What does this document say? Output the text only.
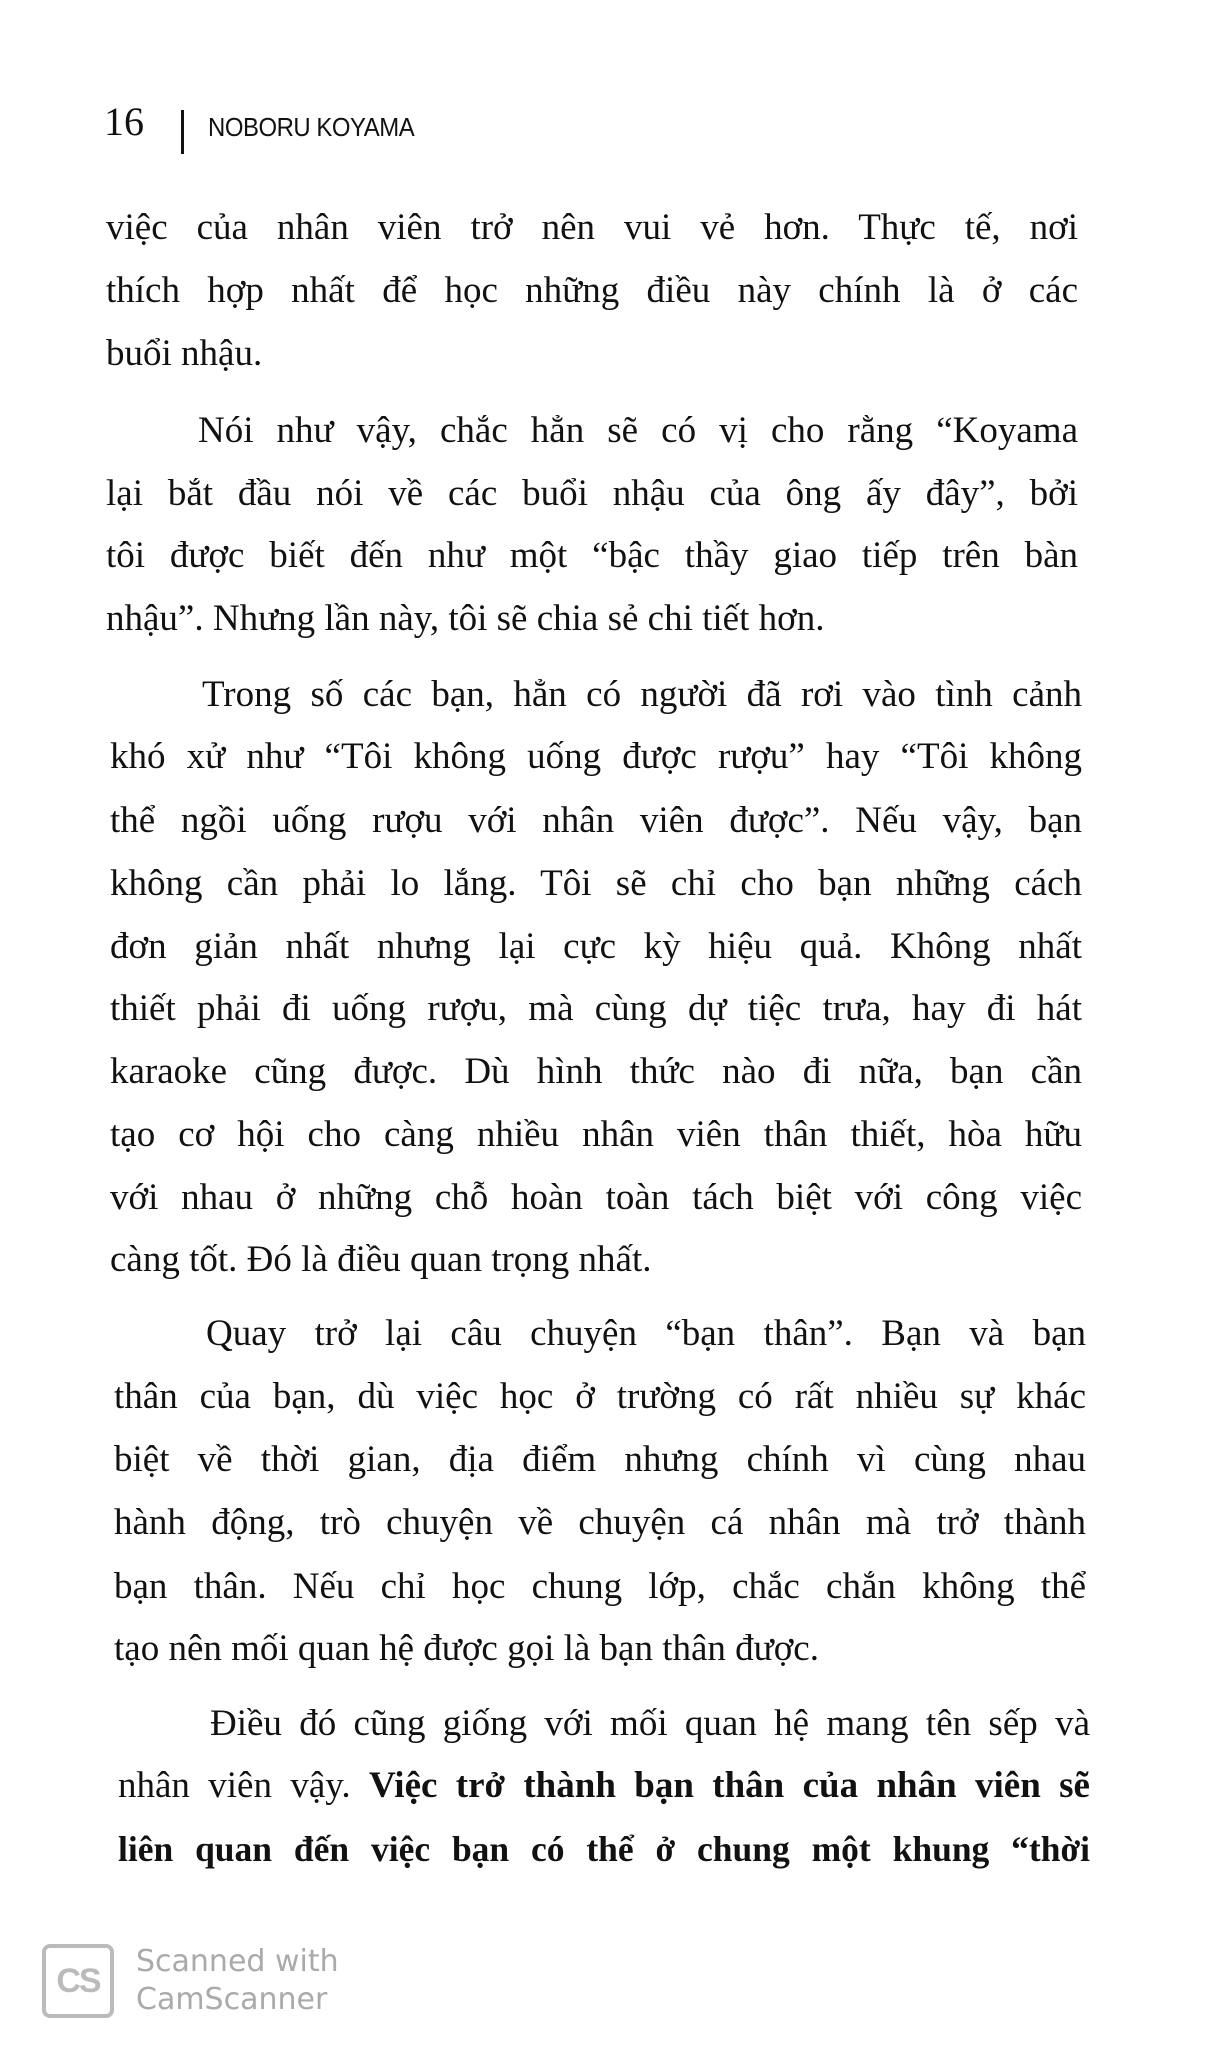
16 NOBORU KOYAMA
việc của nhân viên trở nên vui vẻ hơn. Thực tế, nơi
thích hợp nhất để học những điều này chính là ở các
buổi nhậu.
Nói như vậy, chắc hẳn sẽ có vị cho rằng “Koyama
lại bắt đầu nói về các buổi nhậu của ông ấy đây”, bởi
tôi được biết đến như một “bậc thầy giao tiếp trên bàn
nhậu”. Nhưng lần này, tôi sẽ chia sẻ chi tiết hơn.
Trong số các bạn, hẳn có người đã rơi vào tình cảnh
khó xử như “Tôi không uống được rượu” hay “Tôi không
thể ngồi uống rượu với nhân viên được”. Nếu vậy, bạn
không cần phải lo lắng. Tôi sẽ chỉ cho bạn những cách
đơn giản nhất nhưng lại cực kỳ hiệu quả. Không nhất
thiết phải đi uống rượu, mà cùng dự tiệc trưa, hay đi hát
karaoke cũng được. Dù hình thức nào đi nữa, bạn cần
tạo cơ hội cho càng nhiều nhân viên thân thiết, hòa hữu
với nhau ở những chỗ hoàn toàn tách biệt với công việc
càng tốt. Đó là điều quan trọng nhất.
Quay trở lại câu chuyện “bạn thân”. Bạn và bạn
thân của bạn, dù việc học ở trường có rất nhiều sự khác
biệt về thời gian, địa điểm nhưng chính vì cùng nhau
hành động, trò chuyện về chuyện cá nhân mà trở thành
bạn thân. Nếu chỉ học chung lớp, chắc chắn không thể
tạo nên mối quan hệ được gọi là bạn thân được.
Điều đó cũng giống với mối quan hệ mang tên sếp và
nhân viên vậy. Việc trở thành bạn thân của nhân viên sẽ
liên quan đến việc bạn có thể ở chung một khung “thời
CS Scanned with
CamScanner
